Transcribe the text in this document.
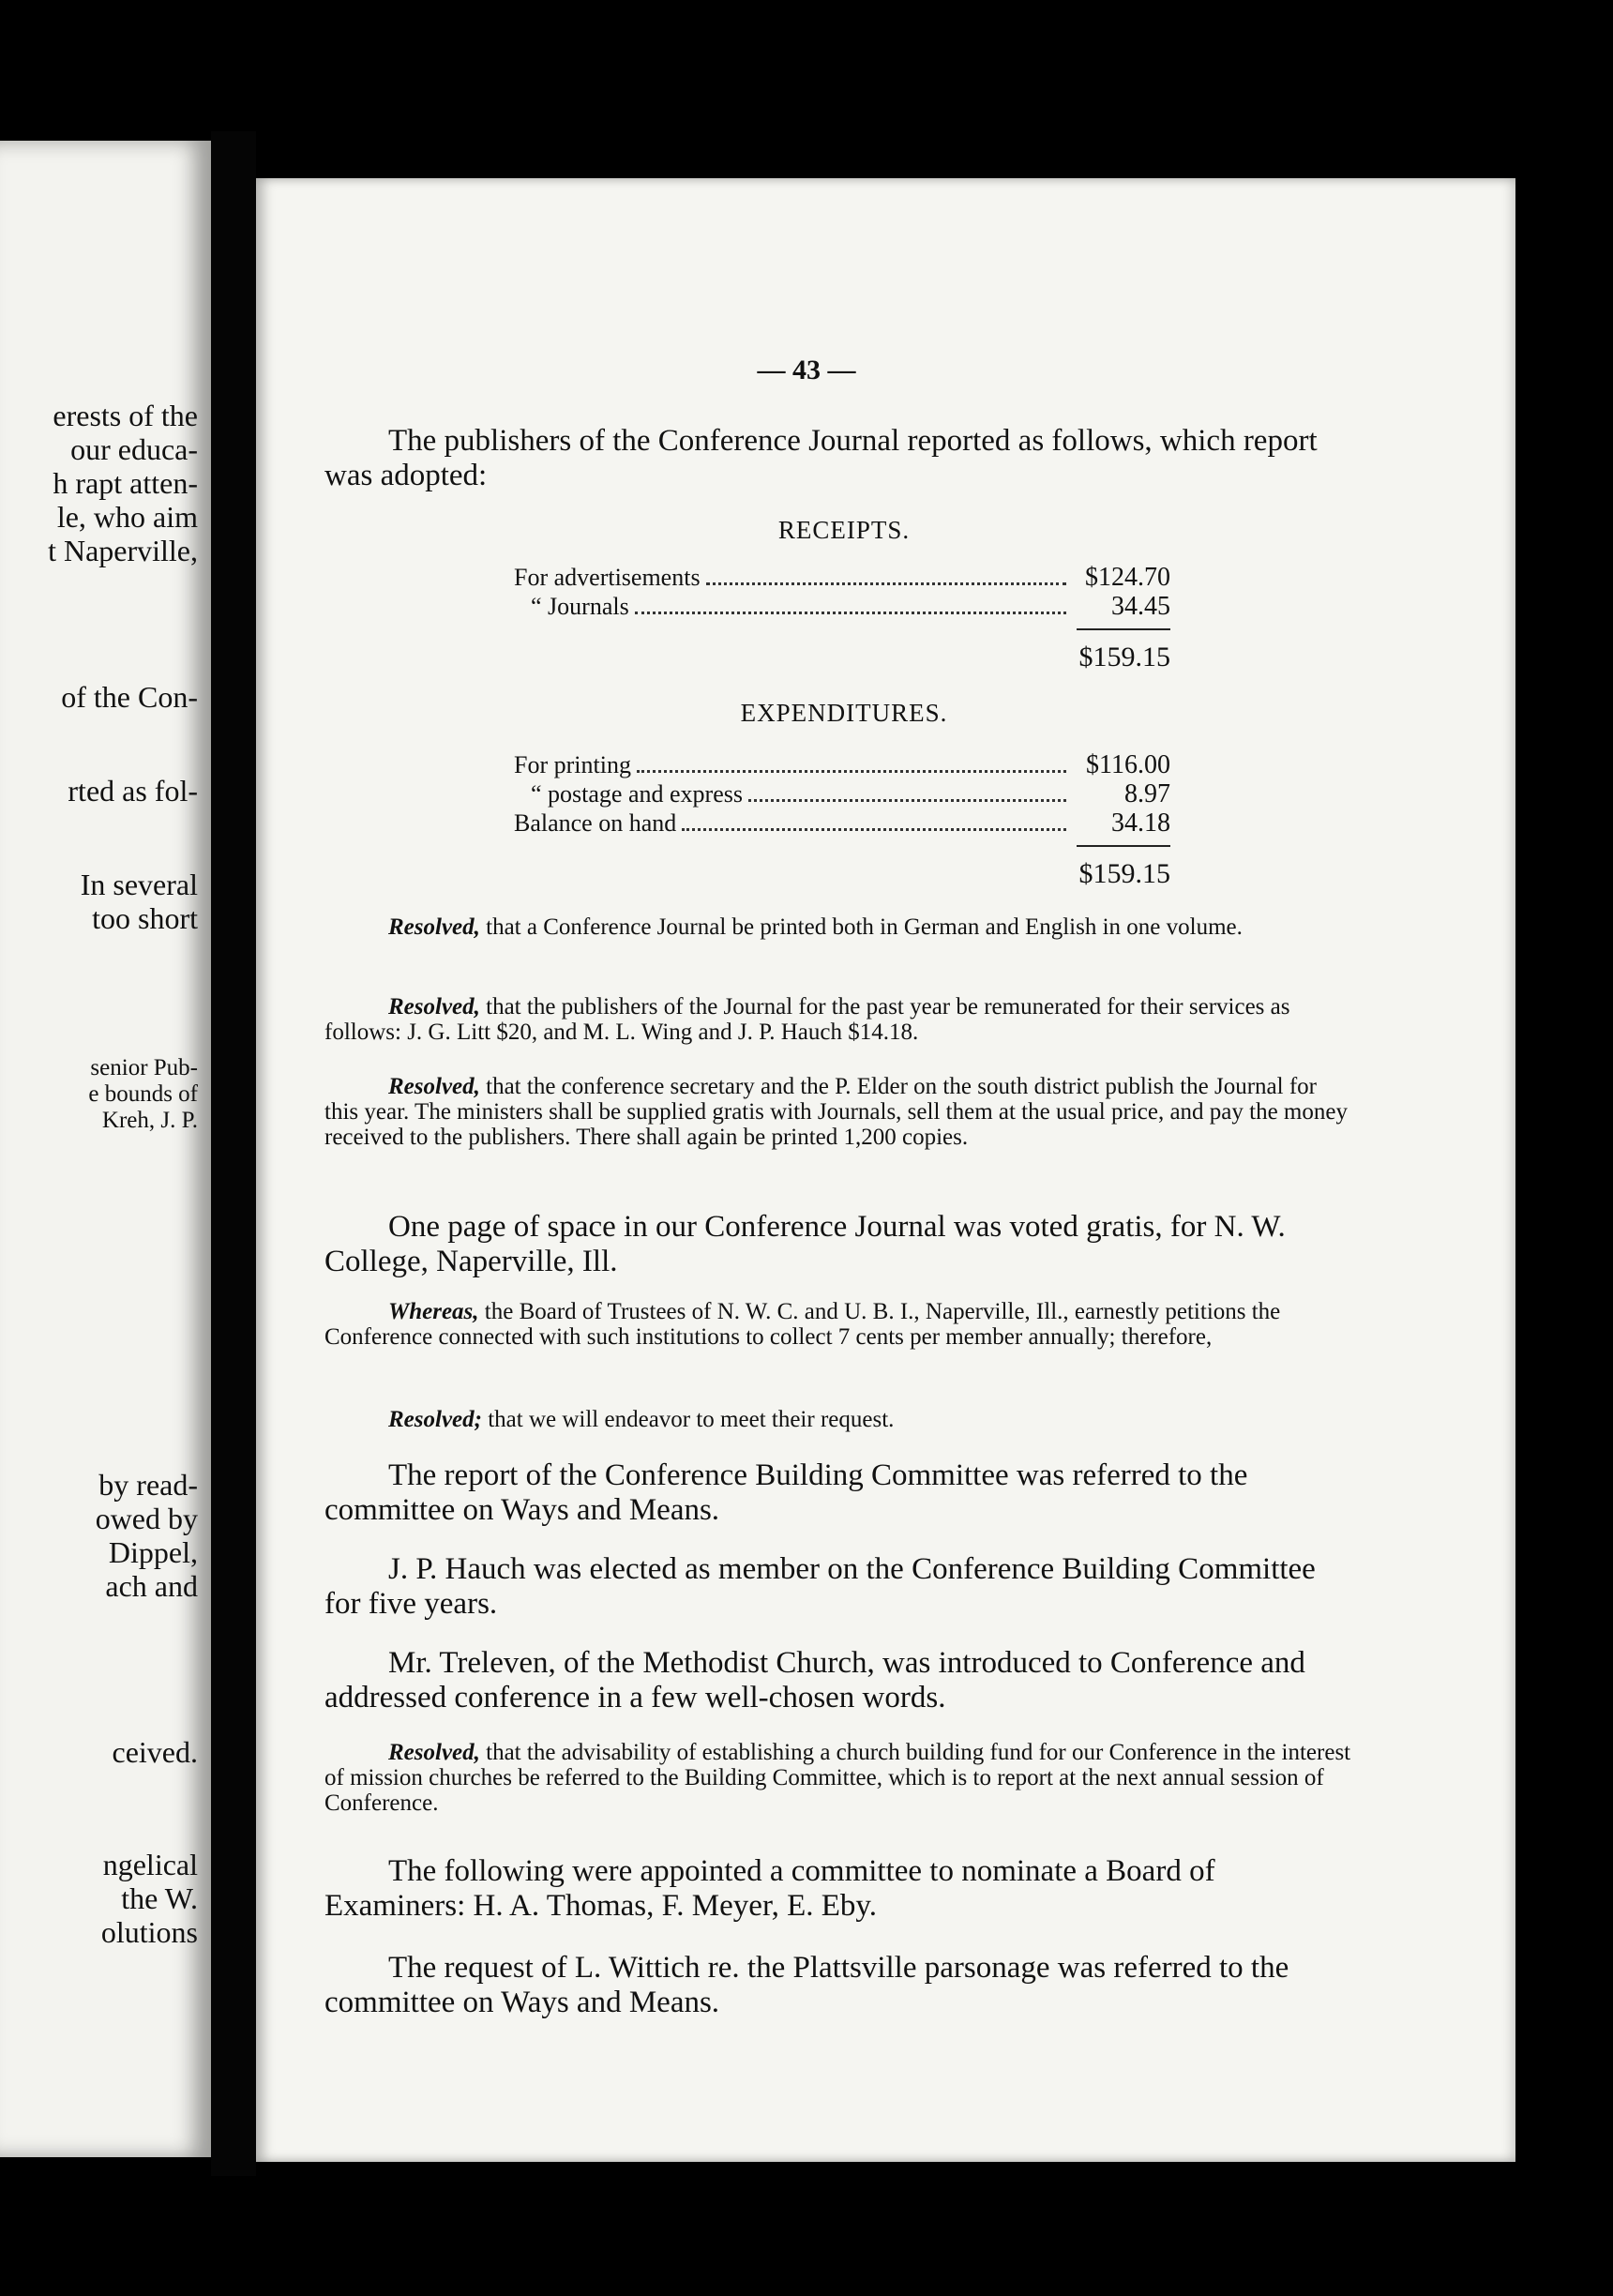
erests of the
our educa-
h rapt atten-
le, who aim
t Naperville,
of the Con-
rted as fol-
In several
too short
senior Pub-
e bounds of
Kreh, J. P.
by read-
owed by
Dippel,
ach and
ceived.
ngelical
the W.
olutions
— 43 —
The publishers of the Conference Journal reported as follows, which report was adopted:
RECEIPTS.
For advertisements	$124.70
“ Journals	34.45
$159.15
EXPENDITURES.
For printing	$116.00
“ postage and express	8.97
Balance on hand	34.18
$159.15
Resolved, that a Conference Journal be printed both in German and English in one volume.
Resolved, that the publishers of the Journal for the past year be remunerated for their services as follows: J. G. Litt $20, and M. L. Wing and J. P. Hauch $14.18.
Resolved, that the conference secretary and the P. Elder on the south district publish the Journal for this year. The ministers shall be supplied gratis with Journals, sell them at the usual price, and pay the money received to the publishers. There shall again be printed 1,200 copies.
One page of space in our Conference Journal was voted gratis, for N. W. College, Naperville, Ill.
Whereas, the Board of Trustees of N. W. C. and U. B. I., Naperville, Ill., earnestly petitions the Conference connected with such institutions to collect 7 cents per member annually; therefore,
Resolved; that we will endeavor to meet their request.
The report of the Conference Building Committee was referred to the committee on Ways and Means.
J. P. Hauch was elected as member on the Conference Building Committee for five years.
Mr. Treleven, of the Methodist Church, was introduced to Conference and addressed conference in a few well-chosen words.
Resolved, that the advisability of establishing a church building fund for our Conference in the interest of mission churches be referred to the Building Committee, which is to report at the next annual session of Conference.
The following were appointed a committee to nominate a Board of Examiners: H. A. Thomas, F. Meyer, E. Eby.
The request of L. Wittich re. the Plattsville parsonage was referred to the committee on Ways and Means.
